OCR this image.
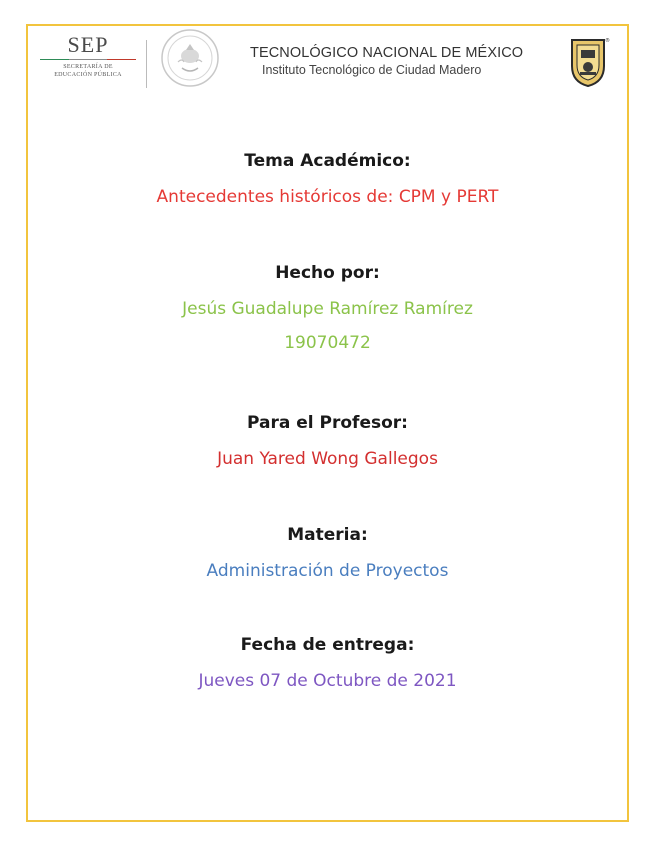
SEP
SECRETARÍA DE
EDUCACIÓN PÚBLICA
TECNOLÓGICO NACIONAL DE MÉXICO
Instituto Tecnológico de Ciudad Madero
®
Tema Académico:
Antecedentes históricos de: CPM y PERT
Hecho por:
Jesús Guadalupe Ramírez Ramírez
19070472
Para el Profesor:
Juan Yared Wong Gallegos
Materia:
Administración de Proyectos
Fecha de entrega:
Jueves 07 de Octubre de 2021
